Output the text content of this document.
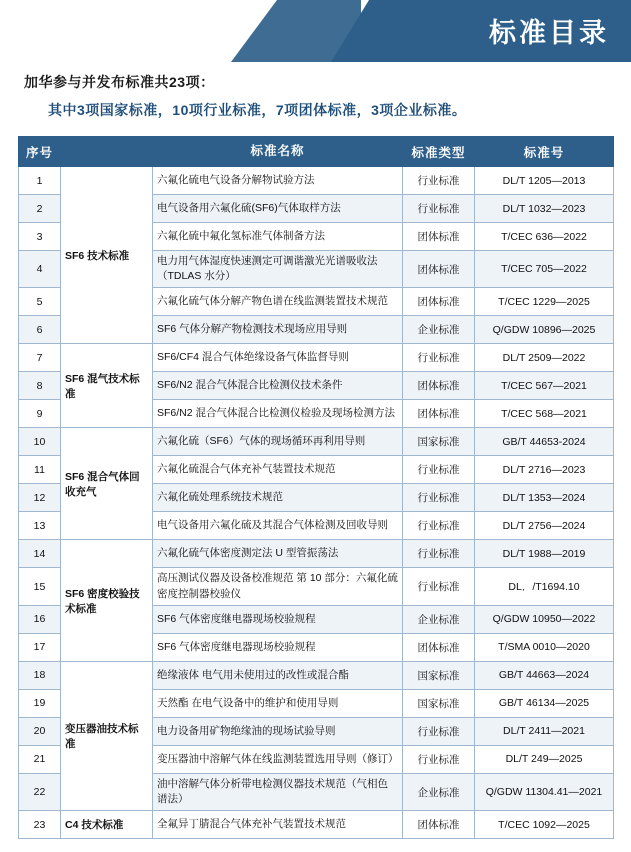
标准目录
加华参与并发布标准共23项：
其中3项国家标准，10项行业标准，7项团体标准，3项企业标准。
序号		标准名称	标准类型	标准号
1	SF6 技术标准	六氟化硫电气设备分解物试验方法	行业标准	DL/T 1205—2013
2		电气设备用六氟化硫(SF6)气体取样方法	行业标准	DL/T 1032—2023
3		六氟化硫中氟化氢标准气体制备方法	团体标准	T/CEC 636—2022
4		电力用气体湿度快速测定可调谐激光光谱吸收法（TDLAS 水分）	团体标准	T/CEC 705—2022
5		六氟化硫气体分解产物色谱在线监测装置技术规范	团体标准	T/CEC 1229—2025
6		SF6 气体分解产物检测技术现场应用导则	企业标准	Q/GDW 10896—2025
7	SF6 混气技术标准	SF6/CF4 混合气体绝缘设备气体监督导则	行业标准	DL/T 2509—2022
8		SF6/N2 混合气体混合比检测仪技术条件	团体标准	T/CEC 567—2021
9		SF6/N2 混合气体混合比检测仪检验及现场检测方法	团体标准	T/CEC 568—2021
10	SF6 混合气体回收充气	六氟化硫（SF6）气体的现场循环再利用导则	国家标准	GB/T 44653-2024
11		六氟化硫混合气体充补气装置技术规范	行业标准	DL/T 2716—2023
12		六氟化硫处理系统技术规范	行业标准	DL/T 1353—2024
13		电气设备用六氟化硫及其混合气体检测及回收导则	行业标准	DL/T 2756—2024
14	SF6 密度校验技术标准	六氟化硫气体密度测定法 U 型管振荡法	行业标准	DL/T 1988—2019
15		高压测试仪器及设备校准规范 第 10 部分：六氟化硫密度控制器校验仪	行业标准	DL．/T1694.10
16		SF6 气体密度继电器现场校验规程	企业标准	Q/GDW 10950—2022
17		SF6 气体密度继电器现场校验规程	团体标准	T/SMA 0010—2020
18	变压器油技术标准	绝缘液体 电气用未使用过的改性或混合酯	国家标准	GB/T 44663—2024
19		天然酯 在电气设备中的维护和使用导则	国家标准	GB/T 46134—2025
20		电力设备用矿物绝缘油的现场试验导则	行业标准	DL/T 2411—2021
21		变压器油中溶解气体在线监测装置选用导则（修订）	行业标准	DL/T 249—2025
22		油中溶解气体分析带电检测仪器技术规范（气相色谱法）	企业标准	Q/GDW 11304.41—2021
23	C4 技术标准	全氟异丁腈混合气体充补气装置技术规范	团体标准	T/CEC 1092—2025
